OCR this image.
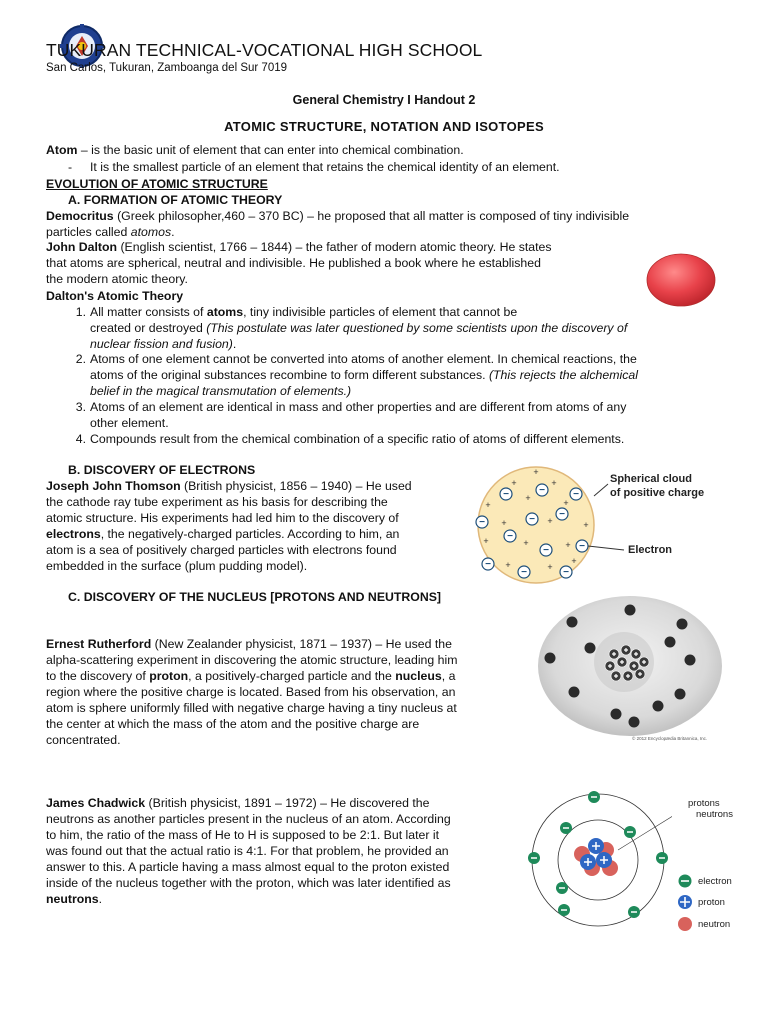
TUKURAN TECHNICAL-VOCATIONAL HIGH SCHOOL
San Carlos, Tukuran, Zamboanga del Sur 7019
General Chemistry I Handout 2
ATOMIC STRUCTURE, NOTATION AND ISOTOPES
Atom – is the basic unit of element that can enter into chemical combination.
- It is the smallest particle of an element that retains the chemical identity of an element.
EVOLUTION OF ATOMIC STRUCTURE
A. FORMATION OF ATOMIC THEORY
Democritus (Greek philosopher,460 – 370 BC) – he proposed that all matter is composed of tiny indivisible
particles called atomos.
John Dalton (English scientist, 1766 – 1844) – the father of modern atomic theory. He states
that atoms are spherical, neutral and indivisible. He published a book where he established
the modern atomic theory.
Dalton's Atomic Theory
1. All matter consists of atoms, tiny indivisible particles of element that cannot be
created or destroyed (This postulate was later questioned by some scientists upon the discovery of
nuclear fission and fusion).
2. Atoms of one element cannot be converted into atoms of another element. In chemical reactions, the
atoms of the original substances recombine to form different substances. (This rejects the alchemical
belief in the magical transmutation of elements.)
3. Atoms of an element are identical in mass and other properties and are different from atoms of any
other element.
4. Compounds result from the chemical combination of a specific ratio of atoms of different elements.
B. DISCOVERY OF ELECTRONS
Joseph John Thomson (British physicist, 1856 – 1940) – He used
the cathode ray tube experiment as his basis for describing the
atomic structure. His experiments had led him to the discovery of
electrons, the negatively-charged particles. According to him, an
atom is a sea of positively charged particles with electrons found
embedded in the surface (plum pudding model).
+
+	+
+
+	+
+	+	+
+	+	+
+	+
+
−	−	−
−	− −
−
−	−
−
−	−
Spherical cloud
of positive charge
Electron
C. DISCOVERY OF THE NUCLEUS [PROTONS AND NEUTRONS]
Ernest Rutherford (New Zealander physicist, 1871 – 1937) – He used the
alpha-scattering experiment in discovering the atomic structure, leading him
to the discovery of proton, a positively-charged particle and the nucleus, a
region where the positive charge is located. Based from his observation, an
atom is sphere uniformly filled with negative charge having a tiny nucleus at
the center at which the mass of the atom and the positive charge are
concentrated.	© 2012 Encyclopædia Britannica, Inc.
James Chadwick (British physicist, 1891 – 1972) – He discovered the
neutrons as another particles present in the nucleus of an atom. According
to him, the ratio of the mass of He to H is supposed to be 2:1. But later it
was found out that the actual ratio is 4:1. For that problem, he provided an
answer to this. A particle having a mass almost equal to the proton existed
inside of the nucleus together with the proton, which was later identified as
neutrons.
protons
neutrons
electron
proton
neutron
